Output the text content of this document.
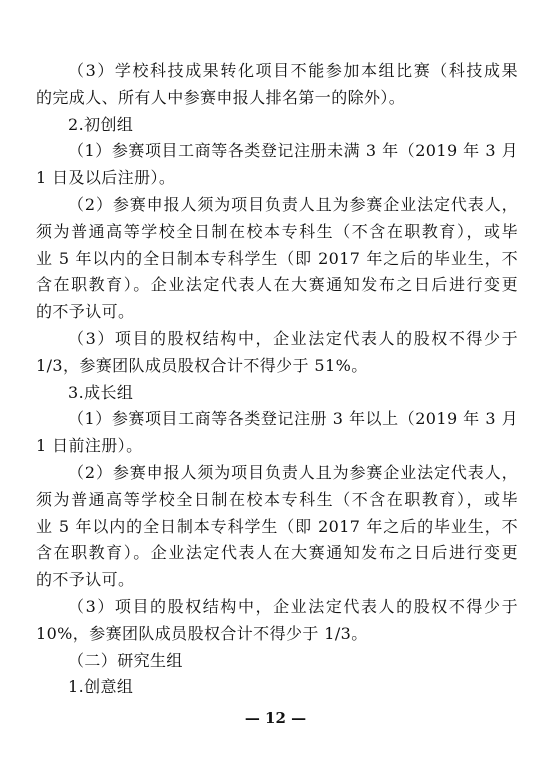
（3）学校科技成果转化项目不能参加本组比赛（科技成果
的完成人、所有人中参赛申报人排名第一的除外）。
2.初创组
（1）参赛项目工商等各类登记注册未满 3 年（2019 年 3 月
1 日及以后注册）。
（2）参赛申报人须为项目负责人且为参赛企业法定代表人，
须为普通高等学校全日制在校本专科生（不含在职教育），或毕
业 5 年以内的全日制本专科学生（即 2017 年之后的毕业生，不
含在职教育）。企业法定代表人在大赛通知发布之日后进行变更
的不予认可。
（3）项目的股权结构中，企业法定代表人的股权不得少于
1/3，参赛团队成员股权合计不得少于 51%。
3.成长组
（1）参赛项目工商等各类登记注册 3 年以上（2019 年 3 月
1 日前注册）。
（2）参赛申报人须为项目负责人且为参赛企业法定代表人，
须为普通高等学校全日制在校本专科生（不含在职教育），或毕
业 5 年以内的全日制本专科学生（即 2017 年之后的毕业生，不
含在职教育）。企业法定代表人在大赛通知发布之日后进行变更
的不予认可。
（3）项目的股权结构中，企业法定代表人的股权不得少于
10%，参赛团队成员股权合计不得少于 1/3。
（二）研究生组
1.创意组
— 12 —
